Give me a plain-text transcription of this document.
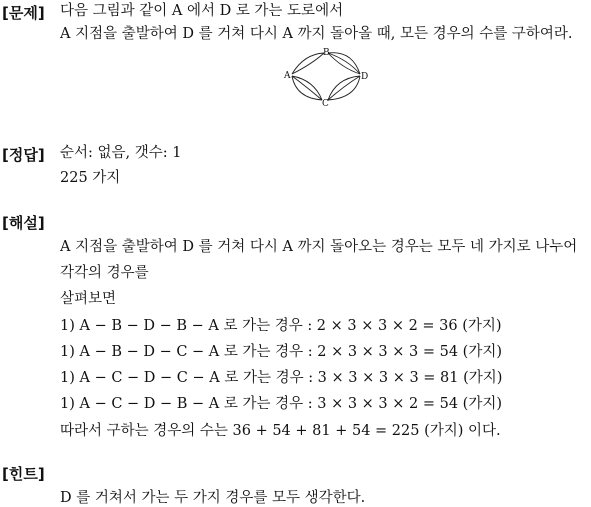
[문제] 다음 그림과 같이 A 에서 D 로 가는 도로에서
A 지점을 출발하여 D 를 거쳐 다시 A 까지 돌아올 때, 모든 경우의 수를 구하여라.
A
B
D
C
[정답] 순서: 없음, 갯수: 1
225 가지
[해설]
A 지점을 출발하여 D 를 거쳐 다시 A 까지 돌아오는 경우는 모두 네 가지로 나누어
각각의 경우를
살펴보면
1) A − B − D − B − A 로 가는 경우 : 2 × 3 × 3 × 2 = 36 (가지)
1) A − B − D − C − A 로 가는 경우 : 2 × 3 × 3 × 3 = 54 (가지)
1) A − C − D − C − A 로 가는 경우 : 3 × 3 × 3 × 3 = 81 (가지)
1) A − C − D − B − A 로 가는 경우 : 3 × 3 × 3 × 2 = 54 (가지)
따라서 구하는 경우의 수는 36 + 54 + 81 + 54 = 225 (가지) 이다.
[힌트]
D 를 거쳐서 가는 두 가지 경우를 모두 생각한다.
